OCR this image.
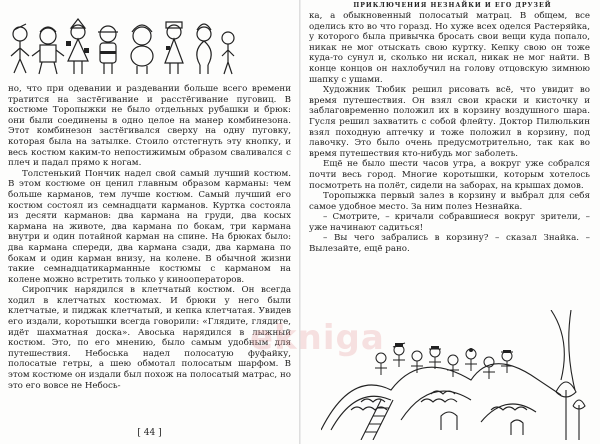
но, что при одевании и раздевании больше всего времени тратится на застёгивание и расстёгивание пуговиц. В костюме Торопыжки не было отдельных рубашки и брюк: они были соединены в одно целое на манер комбинезона. Этот комбинезон застёгивался сверху на одну пуговку, которая была на затылке. Стоило отстегнуть эту кнопку, и весь костюм каким-то непостижимым образом сваливался с плеч и падал прямо к ногам.

Толстенький Пончик надел свой самый лучший костюм. В этом костюме он ценил главным образом карманы: чем больше карманов, тем лучше костюм. Самый лучший его костюм состоял из семнадцати карманов. Куртка состояла из десяти карманов: два кармана на груди, два косых кармана на животе, два кармана по бокам, три кармана внутри и один потайной карман на спине. На брюках было: два кармана спереди, два кармана сзади, два кармана по бокам и один карман внизу, на колене. В обычной жизни такие семнадцатикарманные костюмы с карманом на колене можно встретить только у кинооператоров.

Сиропчик нарядился в клетчатый костюм. Он всегда ходил в клетчатых костюмах. И брюки у него были клетчатые, и пиджак клетчатый, и кепка клетчатая. Увидев его издали, коротышки всегда говорили: «Глядите, глядите, идёт шахматная доска». Авоська нарядился в лыжный костюм. Это, по его мнению, было самым удобным для путешествия. Небоська надел полосатую фуфайку, полосатые гетры, а шею обмотал полосатым шарфом. В этом костюме он издали был похож на полосатый матрас, но это его вовсе не Небось-

[ 44 ]
ПРИКЛЮЧЕНИЯ НЕЗНАЙКИ И ЕГО ДРУЗЕЙ

ка, а обыкновенный полосатый матрац. В общем, все оделись кто во что горазд. Но хуже всех оделся Растеряйка, у которого была привычка бросать свои вещи куда попало, никак не мог отыскать свою куртку. Кепку свою он тоже куда-то сунул и, сколько ни искал, никак не мог найти. В конце концов он нахлобучил на голову отцовскую зимнюю шапку с ушами.

Художник Тюбик решил рисовать всё, что увидит во время путешествия. Он взял свои краски и кисточку и заблаговременно положил их в корзину воздушного шара. Гусля решил захватить с собой флейту. Доктор Пилюлькин взял походную аптечку и тоже положил в корзину, под лавочку. Это было очень предусмотрительно, так как во время путешествия кто-нибудь мог заболеть.

Ещё не было шести часов утра, а вокруг уже собрался почти весь город. Многие коротышки, которым хотелось посмотреть на полёт, сидели на заборах, на крышах домов.

Торопыжка первый залез в корзину и выбрал для себя самое удобное место. За ним полез Незнайка.

– Смотрите, – кричали собравшиеся вокруг зрители, – уже начинают садиться!

– Вы чего забрались в корзину? – сказал Знайка. – Вылезайте, ещё рано.

ekniga
